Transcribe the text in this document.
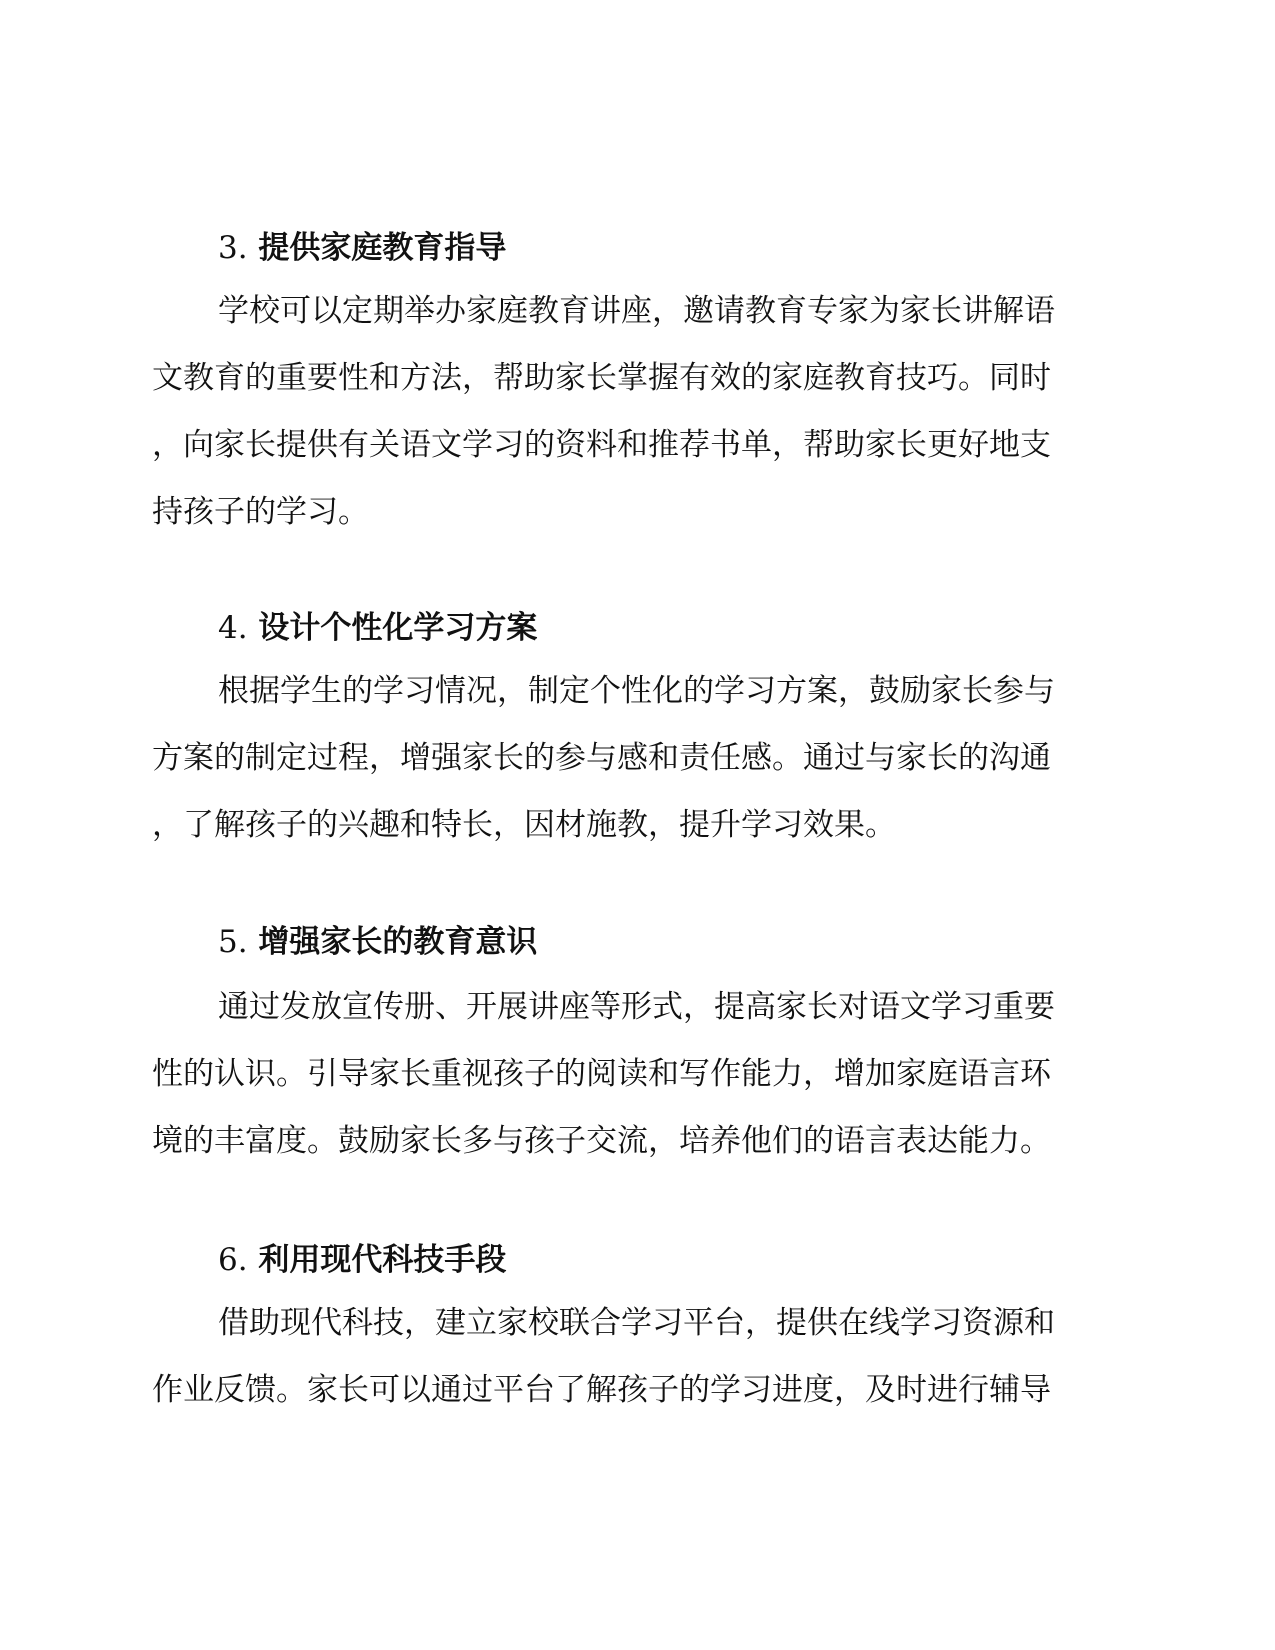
3. 提供家庭教育指导
学校可以定期举办家庭教育讲座，邀请教育专家为家长讲解语
文教育的重要性和方法，帮助家长掌握有效的家庭教育技巧。同时
，向家长提供有关语文学习的资料和推荐书单，帮助家长更好地支
持孩子的学习。
4. 设计个性化学习方案
根据学生的学习情况，制定个性化的学习方案，鼓励家长参与
方案的制定过程，增强家长的参与感和责任感。通过与家长的沟通
，了解孩子的兴趣和特长，因材施教，提升学习效果。
5. 增强家长的教育意识
通过发放宣传册、开展讲座等形式，提高家长对语文学习重要
性的认识。引导家长重视孩子的阅读和写作能力，增加家庭语言环
境的丰富度。鼓励家长多与孩子交流，培养他们的语言表达能力。
6. 利用现代科技手段
借助现代科技，建立家校联合学习平台，提供在线学习资源和
作业反馈。家长可以通过平台了解孩子的学习进度，及时进行辅导
